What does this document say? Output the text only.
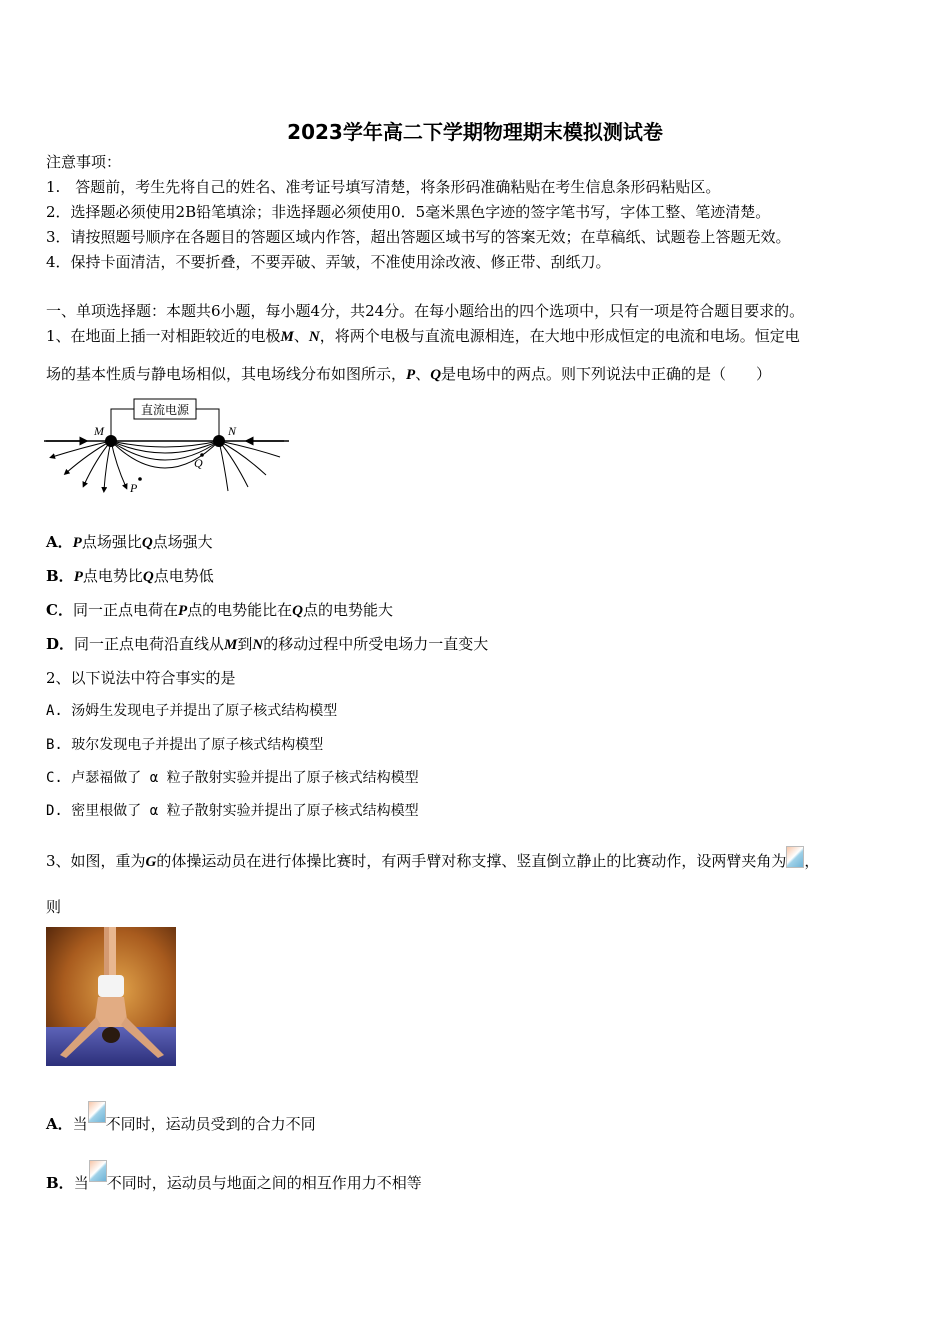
2023学年高二下学期物理期末模拟测试卷
注意事项：
1.　答题前，考生先将自己的姓名、准考证号填写清楚，将条形码准确粘贴在考生信息条形码粘贴区。
2．选择题必须使用2B铅笔填涂；非选择题必须使用0．5毫米黑色字迹的签字笔书写，字体工整、笔迹清楚。
3．请按照题号顺序在各题目的答题区域内作答，超出答题区域书写的答案无效；在草稿纸、试题卷上答题无效。
4．保持卡面清洁，不要折叠，不要弄破、弄皱，不准使用涂改液、修正带、刮纸刀。
一、单项选择题：本题共6小题，每小题4分，共24分。在每小题给出的四个选项中，只有一项是符合题目要求的。
1、在地面上插一对相距较近的电极M、N，将两个电极与直流电源相连，在大地中形成恒定的电流和电场。恒定电
场的基本性质与静电场相似，其电场线分布如图所示，P、Q是电场中的两点。则下列说法中正确的是（　　）
直流电源
M	N
P
Q
A．P点场强比Q点场强大
B．P点电势比Q点电势低
C．同一正点电荷在P点的电势能比在Q点的电势能大
D．同一正点电荷沿直线从M到N的移动过程中所受电场力一直变大
2、以下说法中符合事实的是
A. 汤姆生发现电子并提出了原子核式结构模型
B. 玻尔发现电子并提出了原子核式结构模型
C. 卢瑟福做了 α 粒子散射实验并提出了原子核式结构模型
D. 密里根做了 α 粒子散射实验并提出了原子核式结构模型
3、如图，重为G的体操运动员在进行体操比赛时，有两手臂对称支撑、竖直倒立静止的比赛动作，设两臂夹角为 ，
则
A．当 不同时，运动员受到的合力不同
B．当 不同时，运动员与地面之间的相互作用力不相等
